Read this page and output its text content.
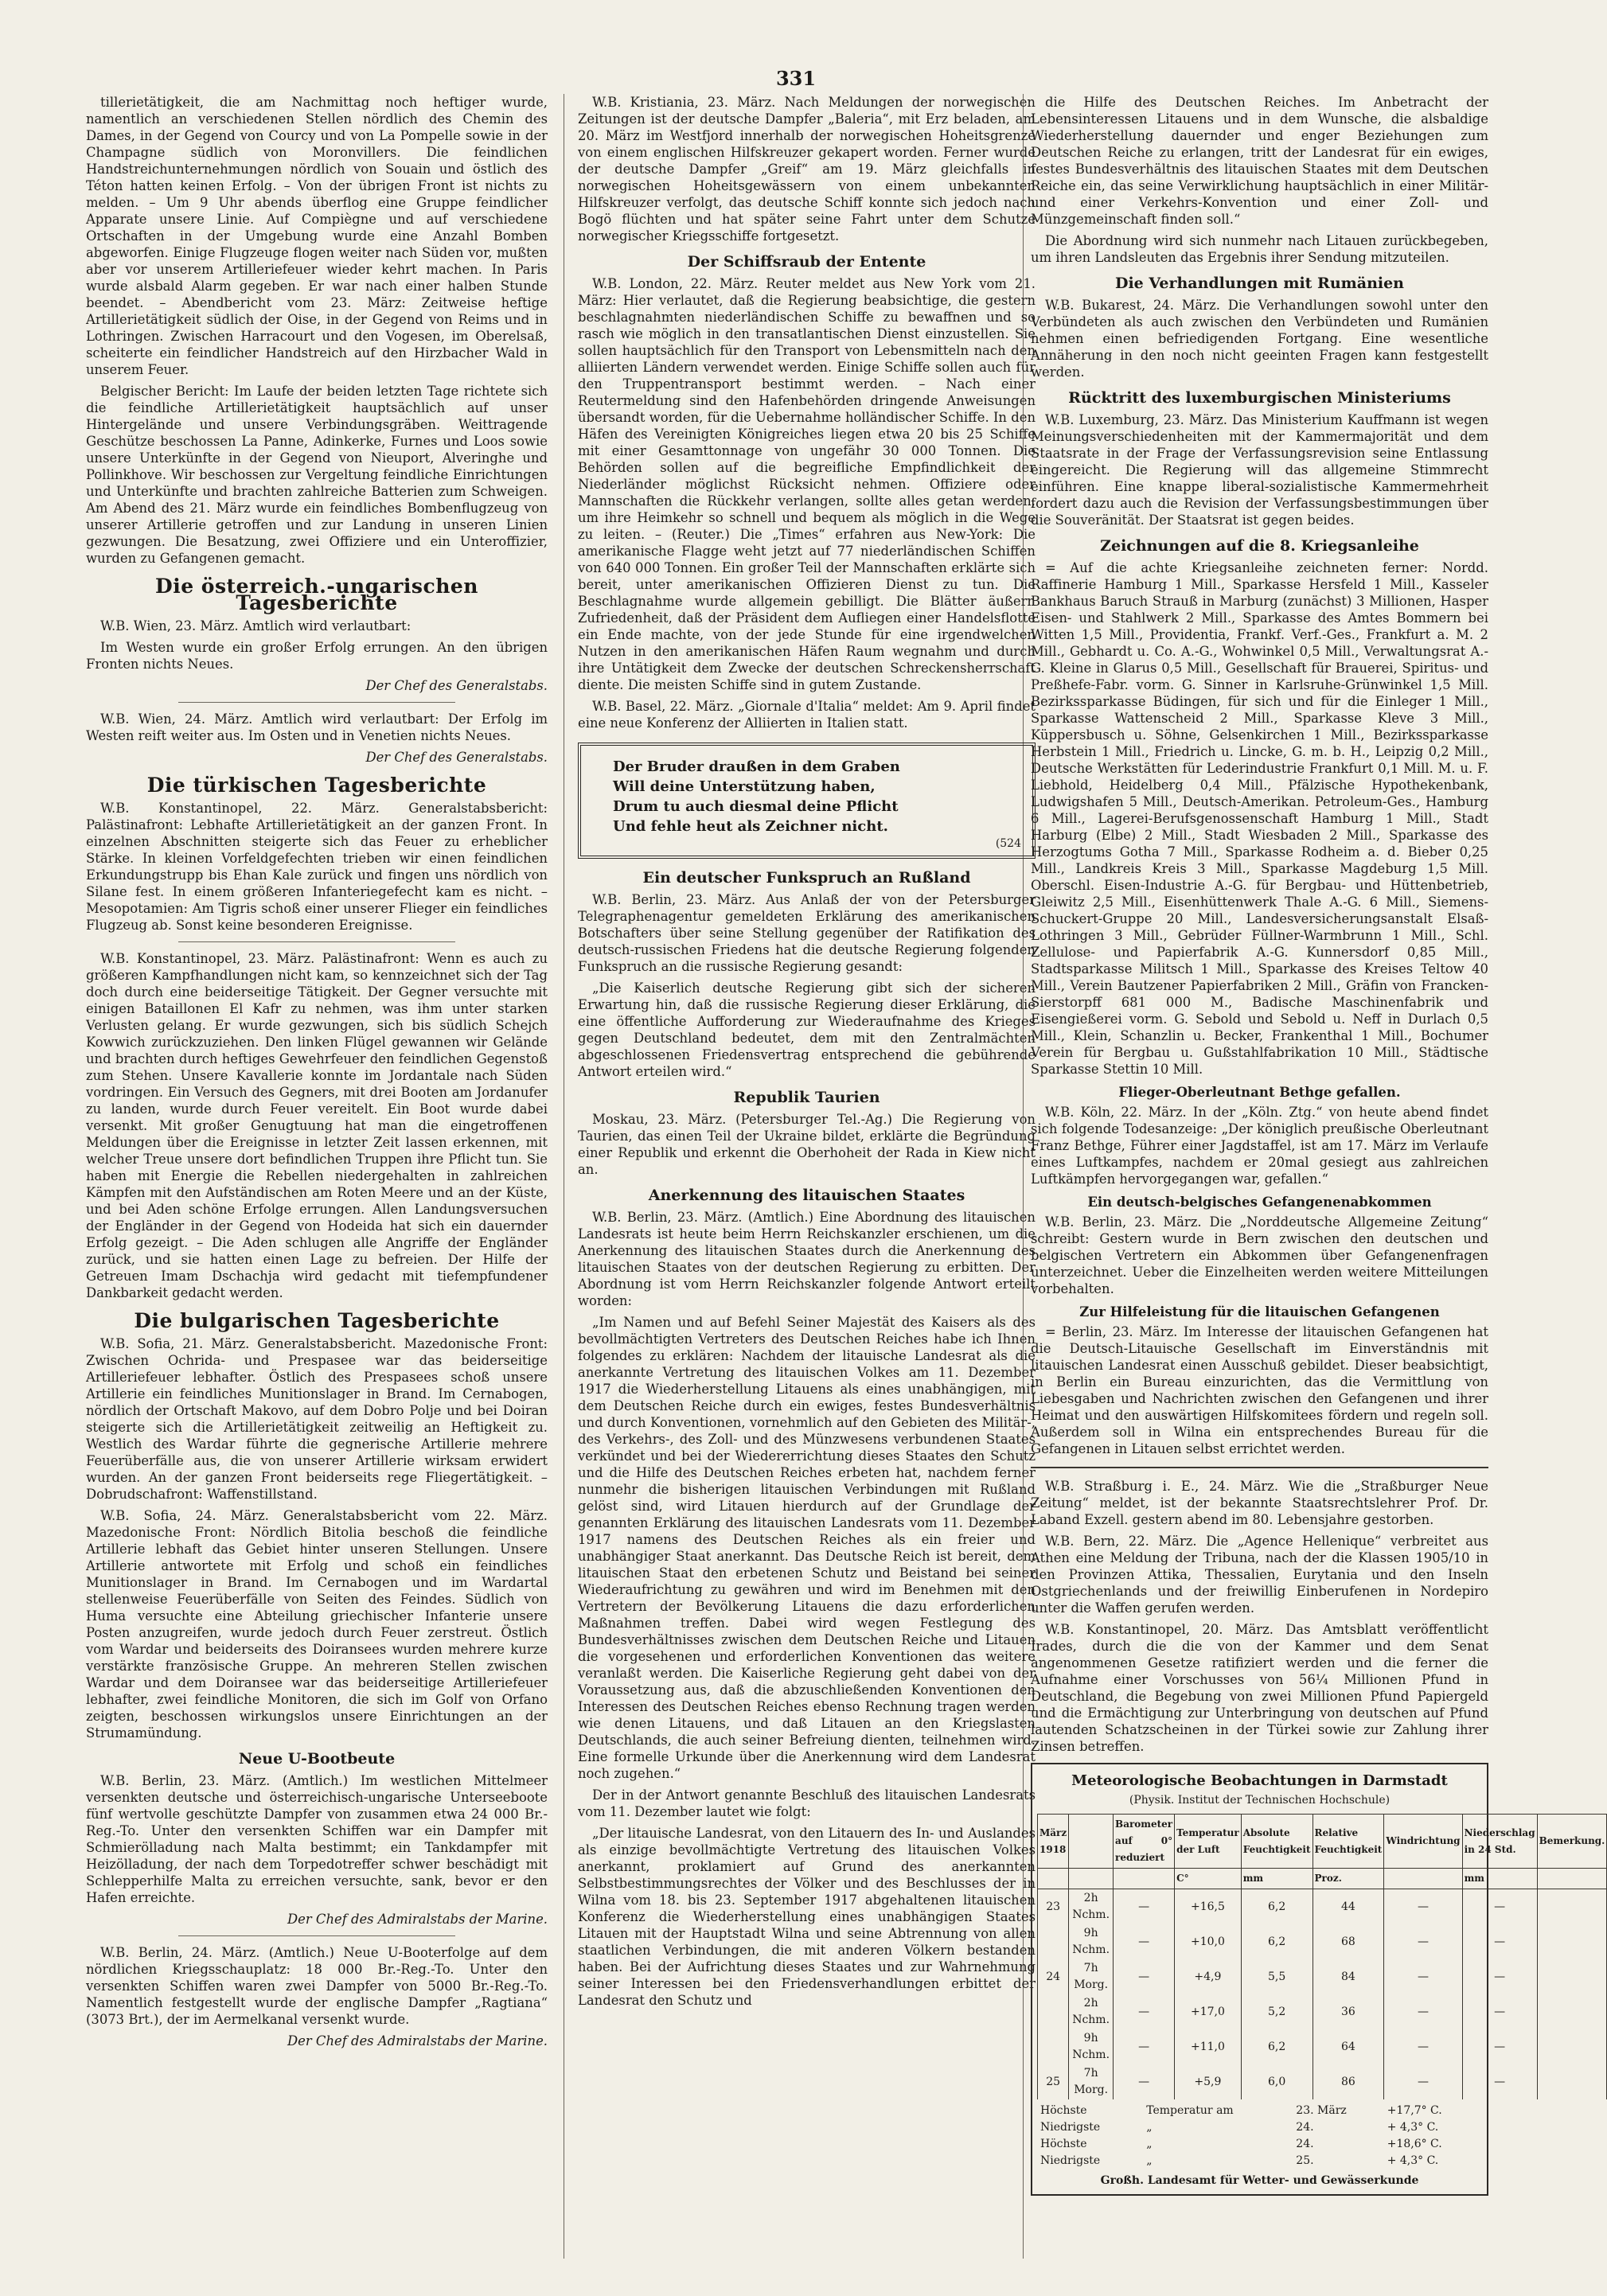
331

tillerietätigkeit, die am Nachmittag noch heftiger wurde, namentlich an verschiedenen Stellen nördlich des Chemin des Dames, in der Gegend von Courcy und von La Pompelle sowie in der Champagne südlich von Moronvillers. Die feindlichen Handstreichunternehmungen nördlich von Souain und östlich des Téton hatten keinen Erfolg. – Von der übrigen Front ist nichts zu melden. – Um 9 Uhr abends überflog eine Gruppe feindlicher Apparate unsere Linie. Auf Compiègne und auf verschiedene Ortschaften in der Umgebung wurde eine Anzahl Bomben abgeworfen. Einige Flugzeuge flogen weiter nach Süden vor, mußten aber vor unserem Artilleriefeuer wieder kehrt machen. In Paris wurde alsbald Alarm gegeben. Er war nach einer halben Stunde beendet. – Abendbericht vom 23. März: Zeitweise heftige Artillerietätigkeit südlich der Oise, in der Gegend von Reims und in Lothringen. Zwischen Harracourt und den Vogesen, im Oberelsaß, scheiterte ein feindlicher Handstreich auf den Hirzbacher Wald in unserem Feuer.

Belgischer Bericht: Im Laufe der beiden letzten Tage richtete sich die feindliche Artillerietätigkeit hauptsächlich auf unser Hintergelände und unsere Verbindungsgräben. Weittragende Geschütze beschossen La Panne, Adinkerke, Furnes und Loos sowie unsere Unterkünfte in der Gegend von Nieuport, Alveringhe und Pollinkhove. Wir beschossen zur Vergeltung feindliche Einrichtungen und Unterkünfte und brachten zahlreiche Batterien zum Schweigen. Am Abend des 21. März wurde ein feindliches Bombenflugzeug von unserer Artillerie getroffen und zur Landung in unseren Linien gezwungen. Die Besatzung, zwei Offiziere und ein Unteroffizier, wurden zu Gefangenen gemacht.

Die österreich.-ungarischen Tagesberichte

W.B. Wien, 23. März. Amtlich wird verlautbart:

Im Westen wurde ein großer Erfolg errungen. An den übrigen Fronten nichts Neues.

Der Chef des Generalstabs.

W.B. Wien, 24. März. Amtlich wird verlautbart: Der Erfolg im Westen reift weiter aus. Im Osten und in Venetien nichts Neues.

Der Chef des Generalstabs.

Die türkischen Tagesberichte

W.B. Konstantinopel, 22. März. Generalstabsbericht: Palästinafront: Lebhafte Artillerietätigkeit an der ganzen Front. In einzelnen Abschnitten steigerte sich das Feuer zu erheblicher Stärke. In kleinen Vorfeldgefechten trieben wir einen feindlichen Erkundungstrupp bis Ehan Kale zurück und fingen uns nördlich von Silane fest. In einem größeren Infanteriegefecht kam es nicht. – Mesopotamien: Am Tigris schoß einer unserer Flieger ein feindliches Flugzeug ab. Sonst keine besonderen Ereignisse.

W.B. Konstantinopel, 23. März. Palästinafront: Wenn es auch zu größeren Kampfhandlungen nicht kam, so kennzeichnet sich der Tag doch durch eine beiderseitige Tätigkeit. Der Gegner versuchte mit einigen Bataillonen El Kafr zu nehmen, was ihm unter starken Verlusten gelang. Er wurde gezwungen, sich bis südlich Schejch Kowwich zurückzuziehen. Den linken Flügel gewannen wir Gelände und brachten durch heftiges Gewehrfeuer den feindlichen Gegenstoß zum Stehen. Unsere Kavallerie konnte im Jordantale nach Süden vordringen. Ein Versuch des Gegners, mit drei Booten am Jordanufer zu landen, wurde durch Feuer vereitelt. Ein Boot wurde dabei versenkt. Mit großer Genugtuung hat man die eingetroffenen Meldungen über die Ereignisse in letzter Zeit lassen erkennen, mit welcher Treue unsere dort befindlichen Truppen ihre Pflicht tun. Sie haben mit Energie die Rebellen niedergehalten in zahlreichen Kämpfen mit den Aufständischen am Roten Meere und an der Küste, und bei Aden schöne Erfolge errungen. Allen Landungsversuchen der Engländer in der Gegend von Hodeida hat sich ein dauernder Erfolg gezeigt. – Die Aden schlugen alle Angriffe der Engländer zurück, und sie hatten einen Lage zu befreien. Der Hilfe der Getreuen Imam Dschachja wird gedacht mit tiefempfundener Dankbarkeit gedacht werden.

Die bulgarischen Tagesberichte

W.B. Sofia, 21. März. Generalstabsbericht. Mazedonische Front: Zwischen Ochrida- und Prespasee war das beiderseitige Artilleriefeuer lebhafter. Östlich des Prespasees schoß unsere Artillerie ein feindliches Munitionslager in Brand. Im Cernabogen, nördlich der Ortschaft Makovo, auf dem Dobro Polje und bei Doiran steigerte sich die Artillerietätigkeit zeitweilig an Heftigkeit zu. Westlich des Wardar führte die gegnerische Artillerie mehrere Feuerüberfälle aus, die von unserer Artillerie wirksam erwidert wurden. An der ganzen Front beiderseits rege Fliegertätigkeit. – Dobrudschafront: Waffenstillstand.

W.B. Sofia, 24. März. Generalstabsbericht vom 22. März. Mazedonische Front: Nördlich Bitolia beschoß die feindliche Artillerie lebhaft das Gebiet hinter unseren Stellungen. Unsere Artillerie antwortete mit Erfolg und schoß ein feindliches Munitionslager in Brand. Im Cernabogen und im Wardartal stellenweise Feuerüberfälle von Seiten des Feindes. Südlich von Huma versuchte eine Abteilung griechischer Infanterie unsere Posten anzugreifen, wurde jedoch durch Feuer zerstreut. Östlich vom Wardar und beiderseits des Doiransees wurden mehrere kurze verstärkte französische Gruppe. An mehreren Stellen zwischen Wardar und dem Doiransee war das beiderseitige Artilleriefeuer lebhafter, zwei feindliche Monitoren, die sich im Golf von Orfano zeigten, beschossen wirkungslos unsere Einrichtungen an der Strumamündung.

Neue U-Bootbeute

W.B. Berlin, 23. März. (Amtlich.) Im westlichen Mittelmeer versenkten deutsche und österreichisch-ungarische Unterseeboote fünf wertvolle geschützte Dampfer von zusammen etwa 24 000 Br.-Reg.-To. Unter den versenkten Schiffen war ein Dampfer mit Schmierölladung nach Malta bestimmt; ein Tankdampfer mit Heizölladung, der nach dem Torpedotreffer schwer beschädigt mit Schlepperhilfe Malta zu erreichen versuchte, sank, bevor er den Hafen erreichte.

Der Chef des Admiralstabs der Marine.

W.B. Berlin, 24. März. (Amtlich.) Neue U-Booterfolge auf dem nördlichen Kriegsschauplatz: 18 000 Br.-Reg.-To. Unter den versenkten Schiffen waren zwei Dampfer von 5000 Br.-Reg.-To. Namentlich festgestellt wurde der englische Dampfer „Ragtiana“ (3073 Brt.), der im Aermelkanal versenkt wurde.

Der Chef des Admiralstabs der Marine.

W.B. Kristiania, 23. März. Nach Meldungen der norwegischen Zeitungen ist der deutsche Dampfer „Baleria“, mit Erz beladen, am 20. März im Westfjord innerhalb der norwegischen Hoheitsgrenze von einem englischen Hilfskreuzer gekapert worden. Ferner wurde der deutsche Dampfer „Greif“ am 19. März gleichfalls in norwegischen Hoheitsgewässern von einem unbekannten Hilfskreuzer verfolgt, das deutsche Schiff konnte sich jedoch nach Bogö flüchten und hat später seine Fahrt unter dem Schutze norwegischer Kriegsschiffe fortgesetzt.

Der Schiffsraub der Entente

W.B. London, 22. März. Reuter meldet aus New York vom 21. März: Hier verlautet, daß die Regierung beabsichtige, die gestern beschlagnahmten niederländischen Schiffe zu bewaffnen und so rasch wie möglich in den transatlantischen Dienst einzustellen. Sie sollen hauptsächlich für den Transport von Lebensmitteln nach den alliierten Ländern verwendet werden. Einige Schiffe sollen auch für den Truppentransport bestimmt werden. – Nach einer Reutermeldung sind den Hafenbehörden dringende Anweisungen übersandt worden, für die Uebernahme holländischer Schiffe. In den Häfen des Vereinigten Königreiches liegen etwa 20 bis 25 Schiffe mit einer Gesamttonnage von ungefähr 30 000 Tonnen. Die Behörden sollen auf die begreifliche Empfindlichkeit der Niederländer möglichst Rücksicht nehmen. Offiziere oder Mannschaften die Rückkehr verlangen, sollte alles getan werden, um ihre Heimkehr so schnell und bequem als möglich in die Wege zu leiten. – (Reuter.) Die „Times“ erfahren aus New-York: Die amerikanische Flagge weht jetzt auf 77 niederländischen Schiffen von 640 000 Tonnen. Ein großer Teil der Mannschaften erklärte sich bereit, unter amerikanischen Offizieren Dienst zu tun. Die Beschlagnahme wurde allgemein gebilligt. Die Blätter äußern Zufriedenheit, daß der Präsident dem Aufliegen einer Handelsflotte ein Ende machte, von der jede Stunde für eine irgendwelchen Nutzen in den amerikanischen Häfen Raum wegnahm und durch ihre Untätigkeit dem Zwecke der deutschen Schreckensherrschaft diente. Die meisten Schiffe sind in gutem Zustande.

W.B. Basel, 22. März. „Giornale d'Italia“ meldet: Am 9. April findet eine neue Konferenz der Alliierten in Italien statt.

Der Bruder draußen in dem Graben

Will deine Unterstützung haben,

Drum tu auch diesmal deine Pflicht

Und fehle heut als Zeichner nicht.

(524
Ein deutscher Funkspruch an Rußland

W.B. Berlin, 23. März. Aus Anlaß der von der Petersburger Telegraphenagentur gemeldeten Erklärung des amerikanischen Botschafters über seine Stellung gegenüber der Ratifikation des deutsch-russischen Friedens hat die deutsche Regierung folgenden Funkspruch an die russische Regierung gesandt:

„Die Kaiserlich deutsche Regierung gibt sich der sicheren Erwartung hin, daß die russische Regierung dieser Erklärung, die eine öffentliche Aufforderung zur Wiederaufnahme des Krieges gegen Deutschland bedeutet, dem mit den Zentralmächten abgeschlossenen Friedensvertrag entsprechend die gebührende Antwort erteilen wird.“

Republik Taurien

Moskau, 23. März. (Petersburger Tel.-Ag.) Die Regierung von Taurien, das einen Teil der Ukraine bildet, erklärte die Begründung einer Republik und erkennt die Oberhoheit der Rada in Kiew nicht an.

Anerkennung des litauischen Staates

W.B. Berlin, 23. März. (Amtlich.) Eine Abordnung des litauischen Landesrats ist heute beim Herrn Reichskanzler erschienen, um die Anerkennung des litauischen Staates durch die Anerkennung des litauischen Staates von der deutschen Regierung zu erbitten. Der Abordnung ist vom Herrn Reichskanzler folgende Antwort erteilt worden:

„Im Namen und auf Befehl Seiner Majestät des Kaisers als des bevollmächtigten Vertreters des Deutschen Reiches habe ich Ihnen folgendes zu erklären: Nachdem der litauische Landesrat als die anerkannte Vertretung des litauischen Volkes am 11. Dezember 1917 die Wiederherstellung Litauens als eines unabhängigen, mit dem Deutschen Reiche durch ein ewiges, festes Bundesverhältnis und durch Konventionen, vornehmlich auf den Gebieten des Militär-, des Verkehrs-, des Zoll- und des Münzwesens verbundenen Staates verkündet und bei der Wiedererrichtung dieses Staates den Schutz und die Hilfe des Deutschen Reiches erbeten hat, nachdem ferner nunmehr die bisherigen litauischen Verbindungen mit Rußland gelöst sind, wird Litauen hierdurch auf der Grundlage der genannten Erklärung des litauischen Landesrats vom 11. Dezember 1917 namens des Deutschen Reiches als ein freier und unabhängiger Staat anerkannt. Das Deutsche Reich ist bereit, dem litauischen Staat den erbetenen Schutz und Beistand bei seiner Wiederaufrichtung zu gewähren und wird im Benehmen mit den Vertretern der Bevölkerung Litauens die dazu erforderlichen Maßnahmen treffen. Dabei wird wegen Festlegung des Bundesverhältnisses zwischen dem Deutschen Reiche und Litauen die vorgesehenen und erforderlichen Konventionen das weitere veranlaßt werden. Die Kaiserliche Regierung geht dabei von der Voraussetzung aus, daß die abzuschließenden Konventionen den Interessen des Deutschen Reiches ebenso Rechnung tragen werden wie denen Litauens, und daß Litauen an den Kriegslasten Deutschlands, die auch seiner Befreiung dienten, teilnehmen wird. Eine formelle Urkunde über die Anerkennung wird dem Landesrat noch zugehen.“

Der in der Antwort genannte Beschluß des litauischen Landesrats vom 11. Dezember lautet wie folgt:

„Der litauische Landesrat, von den Litauern des In- und Auslandes als einzige bevollmächtigte Vertretung des litauischen Volkes anerkannt, proklamiert auf Grund des anerkannten Selbstbestimmungsrechtes der Völker und des Beschlusses der in Wilna vom 18. bis 23. September 1917 abgehaltenen litauischen Konferenz die Wiederherstellung eines unabhängigen Staates Litauen mit der Hauptstadt Wilna und seine Abtrennung von allen staatlichen Verbindungen, die mit anderen Völkern bestanden haben. Bei der Aufrichtung dieses Staates und zur Wahrnehmung seiner Interessen bei den Friedensverhandlungen erbittet der Landesrat den Schutz und

die Hilfe des Deutschen Reiches. Im Anbetracht der Lebensinteressen Litauens und in dem Wunsche, die alsbaldige Wiederherstellung dauernder und enger Beziehungen zum Deutschen Reiche zu erlangen, tritt der Landesrat für ein ewiges, festes Bundesverhältnis des litauischen Staates mit dem Deutschen Reiche ein, das seine Verwirklichung hauptsächlich in einer Militär- und einer Verkehrs-Konvention und einer Zoll- und Münzgemeinschaft finden soll.“

Die Abordnung wird sich nunmehr nach Litauen zurückbegeben, um ihren Landsleuten das Ergebnis ihrer Sendung mitzuteilen.

Die Verhandlungen mit Rumänien

W.B. Bukarest, 24. März. Die Verhandlungen sowohl unter den Verbündeten als auch zwischen den Verbündeten und Rumänien nehmen einen befriedigenden Fortgang. Eine wesentliche Annäherung in den noch nicht geeinten Fragen kann festgestellt werden.

Rücktritt des luxemburgischen Ministeriums

W.B. Luxemburg, 23. März. Das Ministerium Kauffmann ist wegen Meinungsverschiedenheiten mit der Kammermajorität und dem Staatsrate in der Frage der Verfassungsrevision seine Entlassung eingereicht. Die Regierung will das allgemeine Stimmrecht einführen. Eine knappe liberal-sozialistische Kammermehrheit fordert dazu auch die Revision der Verfassungsbestimmungen über die Souveränität. Der Staatsrat ist gegen beides.

Zeichnungen auf die 8. Kriegsanleihe

= Auf die achte Kriegsanleihe zeichneten ferner: Nordd. Raffinerie Hamburg 1 Mill., Sparkasse Hersfeld 1 Mill., Kasseler Bankhaus Baruch Strauß in Marburg (zunächst) 3 Millionen, Hasper Eisen- und Stahlwerk 2 Mill., Sparkasse des Amtes Bommern bei Witten 1,5 Mill., Providentia, Frankf. Verf.-Ges., Frankfurt a. M. 2 Mill., Gebhardt u. Co. A.-G., Wohwinkel 0,5 Mill., Verwaltungsrat A.-G. Kleine in Glarus 0,5 Mill., Gesellschaft für Brauerei, Spiritus- und Preßhefe-Fabr. vorm. G. Sinner in Karlsruhe-Grünwinkel 1,5 Mill. Bezirkssparkasse Büdingen, für sich und für die Einleger 1 Mill., Sparkasse Wattenscheid 2 Mill., Sparkasse Kleve 3 Mill., Küppersbusch u. Söhne, Gelsenkirchen 1 Mill., Bezirkssparkasse Herbstein 1 Mill., Friedrich u. Lincke, G. m. b. H., Leipzig 0,2 Mill., Deutsche Werkstätten für Lederindustrie Frankfurt 0,1 Mill. M. u. F. Liebhold, Heidelberg 0,4 Mill., Pfälzische Hypothekenbank, Ludwigshafen 5 Mill., Deutsch-Amerikan. Petroleum-Ges., Hamburg 6 Mill., Lagerei-Berufsgenossenschaft Hamburg 1 Mill., Stadt Harburg (Elbe) 2 Mill., Stadt Wiesbaden 2 Mill., Sparkasse des Herzogtums Gotha 7 Mill., Sparkasse Rodheim a. d. Bieber 0,25 Mill., Landkreis Kreis 3 Mill., Sparkasse Magdeburg 1,5 Mill. Oberschl. Eisen-Industrie A.-G. für Bergbau- und Hüttenbetrieb, Gleiwitz 2,5 Mill., Eisenhüttenwerk Thale A.-G. 6 Mill., Siemens-Schuckert-Gruppe 20 Mill., Landesversicherungsanstalt Elsaß-Lothringen 3 Mill., Gebrüder Füllner-Warmbrunn 1 Mill., Schl. Zellulose- und Papierfabrik A.-G. Kunnersdorf 0,85 Mill., Stadtsparkasse Militsch 1 Mill., Sparkasse des Kreises Teltow 40 Mill., Verein Bautzener Papierfabriken 2 Mill., Gräfin von Francken-Sierstorpff 681 000 M., Badische Maschinenfabrik und Eisengießerei vorm. G. Sebold und Sebold u. Neff in Durlach 0,5 Mill., Klein, Schanzlin u. Becker, Frankenthal 1 Mill., Bochumer Verein für Bergbau u. Gußstahlfabrikation 10 Mill., Städtische Sparkasse Stettin 10 Mill.

Flieger-Oberleutnant Bethge gefallen.

W.B. Köln, 22. März. In der „Köln. Ztg.“ von heute abend findet sich folgende Todesanzeige: „Der königlich preußische Oberleutnant Franz Bethge, Führer einer Jagdstaffel, ist am 17. März im Verlaufe eines Luftkampfes, nachdem er 20mal gesiegt aus zahlreichen Luftkämpfen hervorgegangen war, gefallen.“

Ein deutsch-belgisches Gefangenenabkommen

W.B. Berlin, 23. März. Die „Norddeutsche Allgemeine Zeitung“ schreibt: Gestern wurde in Bern zwischen den deutschen und belgischen Vertretern ein Abkommen über Gefangenenfragen unterzeichnet. Ueber die Einzelheiten werden weitere Mitteilungen vorbehalten.

Zur Hilfeleistung für die litauischen Gefangenen

= Berlin, 23. März. Im Interesse der litauischen Gefangenen hat die Deutsch-Litauische Gesellschaft im Einverständnis mit litauischen Landesrat einen Ausschuß gebildet. Dieser beabsichtigt, in Berlin ein Bureau einzurichten, das die Vermittlung von Liebesgaben und Nachrichten zwischen den Gefangenen und ihrer Heimat und den auswärtigen Hilfskomitees fördern und regeln soll. Außerdem soll in Wilna ein entsprechendes Bureau für die Gefangenen in Litauen selbst errichtet werden.

W.B. Straßburg i. E., 24. März. Wie die „Straßburger Neue Zeitung“ meldet, ist der bekannte Staatsrechtslehrer Prof. Dr. Laband Exzell. gestern abend im 80. Lebensjahre gestorben.

W.B. Bern, 22. März. Die „Agence Hellenique“ verbreitet aus Athen eine Meldung der Tribuna, nach der die Klassen 1905/10 in den Provinzen Attika, Thessalien, Eurytania und den Inseln Ostgriechenlands und der freiwillig Einberufenen in Nordepiro unter die Waffen gerufen werden.

W.B. Konstantinopel, 20. März. Das Amtsblatt veröffentlicht Irades, durch die die von der Kammer und dem Senat angenommenen Gesetze ratifiziert werden und die ferner die Aufnahme einer Vorschusses von 56¼ Millionen Pfund in Deutschland, die Begebung von zwei Millionen Pfund Papiergeld und die Ermächtigung zur Unterbringung von deutschen auf Pfund lautenden Schatzscheinen in der Türkei sowie zur Zahlung ihrer Zinsen betreffen.

Meteorologische Beobachtungen in Darmstadt
(Physik. Institut der Technischen Hochschule)
März 1918		Barometer auf 0° reduziert	Temperatur der Luft	Absolute Feuchtigkeit	Relative Feuchtigkeit	Windrichtung	Niederschlag in 24 Std.	Bemerkung.
			C°	mm	Proz.		mm	
23	2h Nchm.	—	+16,5	6,2	44	—	—	
	9h Nchm.	—	+10,0	6,2	68	—	—	
24	7h Morg.	—	+4,9	5,5	84	—	—	
	2h Nchm.	—	+17,0	5,2	36	—	—	
	9h Nchm.	—	+11,0	6,2	64	—	—	
25	7h Morg.	—	+5,9	6,0	86	—	—	
Höchste	Temperatur am	23. März	+17,7° C.
Niedrigste	„	24.	+ 4,3° C.
Höchste	„	24.	+18,6° C.
Niedrigste	„	25.	+ 4,3° C.
Großh. Landesamt für Wetter- und Gewässerkunde
